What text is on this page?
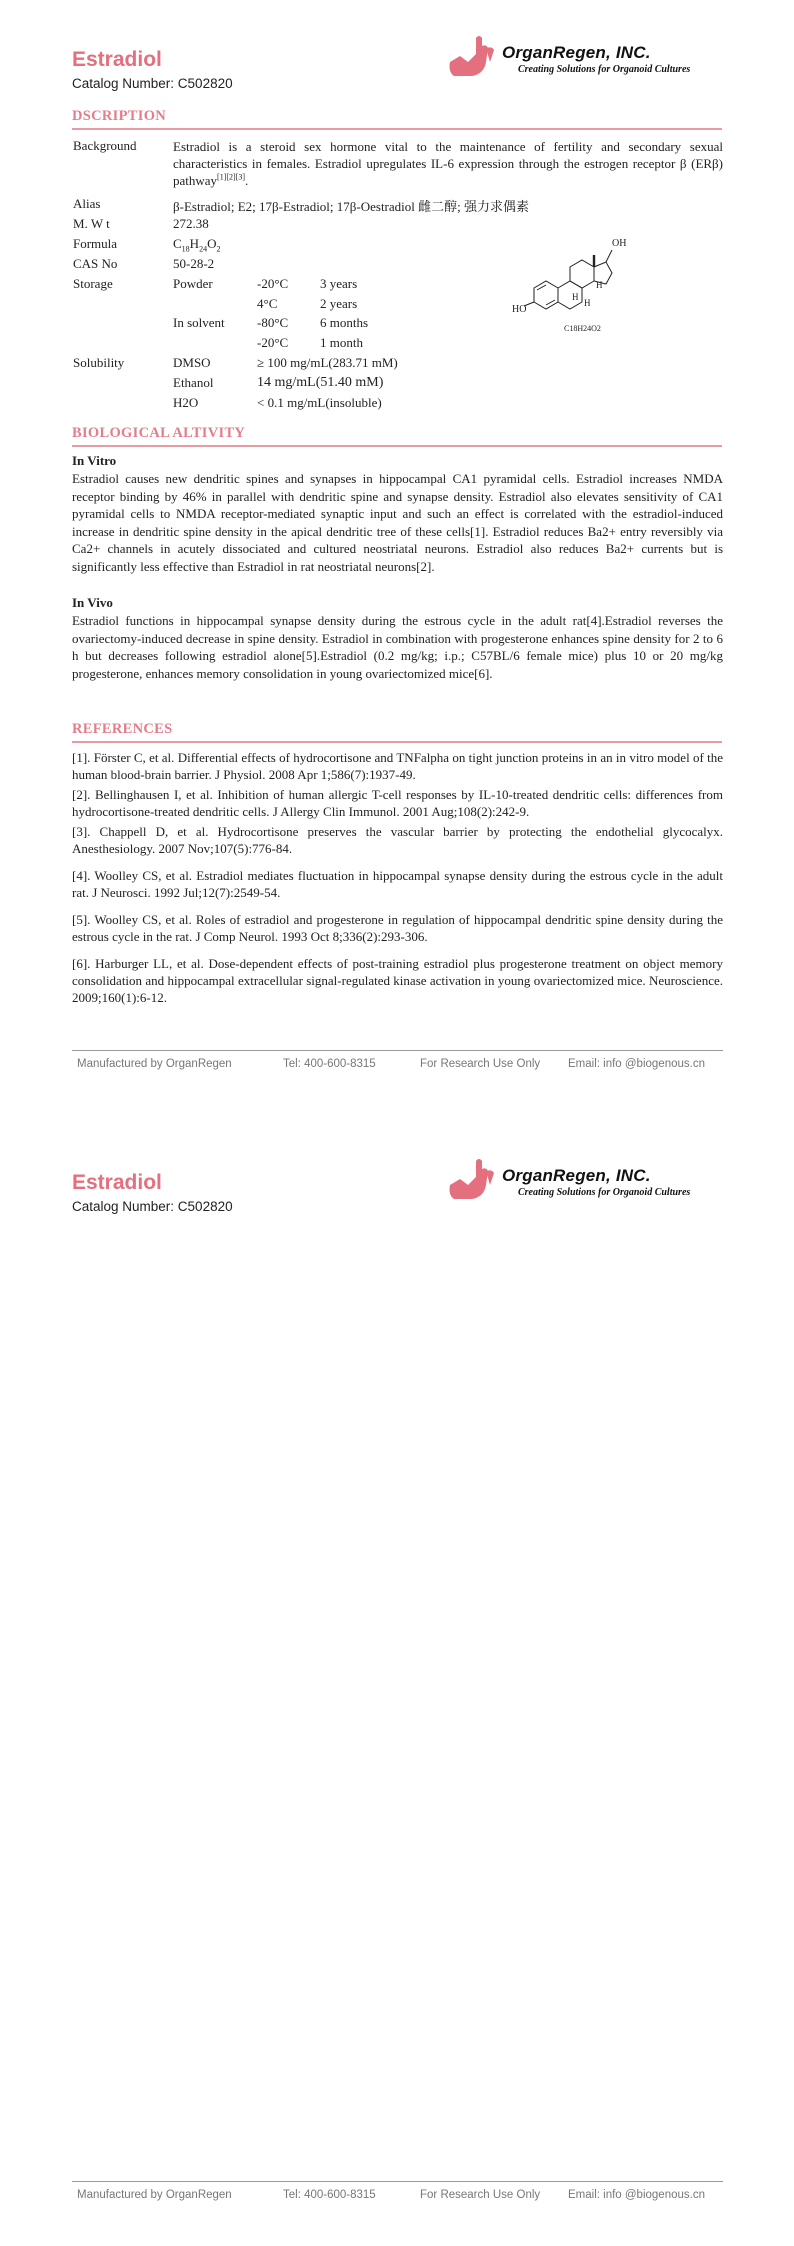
Estradiol
Catalog Number: C502820
OrganRegen, INC.
Creating Solutions for Organoid Cultures
DSCRIPTION
Background	Estradiol is a steroid sex hormone vital to the maintenance of fertility and secondary sexual characteristics in females. Estradiol upregulates IL-6 expression through the estrogen receptor β (ERβ) pathway[1][2][3].
Alias	β-Estradiol; E2; 17β-Estradiol; 17β-Oestradiol 雌二醇; 强力求偶素
M. W t	272.38
Formula	$C_{18}H_{24}O_2$
CAS No	50-28-2
Storage	Powder	-20°C 3 years
4°C	2 years
In solvent -80°C 6 months
-20°C 1 month
Solubility	DMSO	≥ 100 mg/mL(283.71 mM)
Ethanol	14 mg/mL(51.40 mM)
H2O	< 0.1 mg/mL(insoluble)
OH
HO
H
H
H
C18H24O2
BIOLOGICAL ALTIVITY
In Vitro
Estradiol causes new dendritic spines and synapses in hippocampal CA1 pyramidal cells. Estradiol increases NMDA receptor binding by 46% in parallel with dendritic spine and synapse density. Estradiol also elevates sensitivity of CA1 pyramidal cells to NMDA receptor-mediated synaptic input and such an effect is correlated with the estradiol-induced increase in dendritic spine density in the apical dendritic tree of these cells[1]. Estradiol reduces Ba2+ entry reversibly via Ca2+ channels in acutely dissociated and cultured neostriatal neurons. Estradiol also reduces Ba2+ currents but is significantly less effective than Estradiol in rat neostriatal neurons[2].
In Vivo
Estradiol functions in hippocampal synapse density during the estrous cycle in the adult rat[4].Estradiol reverses the ovariectomy-induced decrease in spine density. Estradiol in combination with progesterone enhances spine density for 2 to 6 h but decreases following estradiol alone[5].Estradiol (0.2 mg/kg; i.p.; C57BL/6 female mice) plus 10 or 20 mg/kg progesterone, enhances memory consolidation in young ovariectomized mice[6].
REFERENCES
[1]. Förster C, et al. Differential effects of hydrocortisone and TNFalpha on tight junction proteins in an in vitro model of the human blood-brain barrier. J Physiol. 2008 Apr 1;586(7):1937-49.
[2]. Bellinghausen I, et al. Inhibition of human allergic T-cell responses by IL-10-treated dendritic cells: differences from hydrocortisone-treated dendritic cells. J Allergy Clin Immunol. 2001 Aug;108(2):242-9.
[3]. Chappell D, et al. Hydrocortisone preserves the vascular barrier by protecting the endothelial glycocalyx. Anesthesiology. 2007 Nov;107(5):776-84.
[4]. Woolley CS, et al. Estradiol mediates fluctuation in hippocampal synapse density during the estrous cycle in the adult rat. J Neurosci. 1992 Jul;12(7):2549-54.
[5]. Woolley CS, et al. Roles of estradiol and progesterone in regulation of hippocampal dendritic spine density during the estrous cycle in the rat. J Comp Neurol. 1993 Oct 8;336(2):293-306.
[6]. Harburger LL, et al. Dose-dependent effects of post-training estradiol plus progesterone treatment on object memory consolidation and hippocampal extracellular signal-regulated kinase activation in young ovariectomized mice. Neuroscience. 2009;160(1):6-12.
Manufactured by OrganRegen	Tel: 400-600-8315	For Research Use Only Email: info @biogenous.cn
Estradiol
Catalog Number: C502820
OrganRegen, INC.
Creating Solutions for Organoid Cultures
Manufactured by OrganRegen	Tel: 400-600-8315	For Research Use Only Email: info @biogenous.cn
